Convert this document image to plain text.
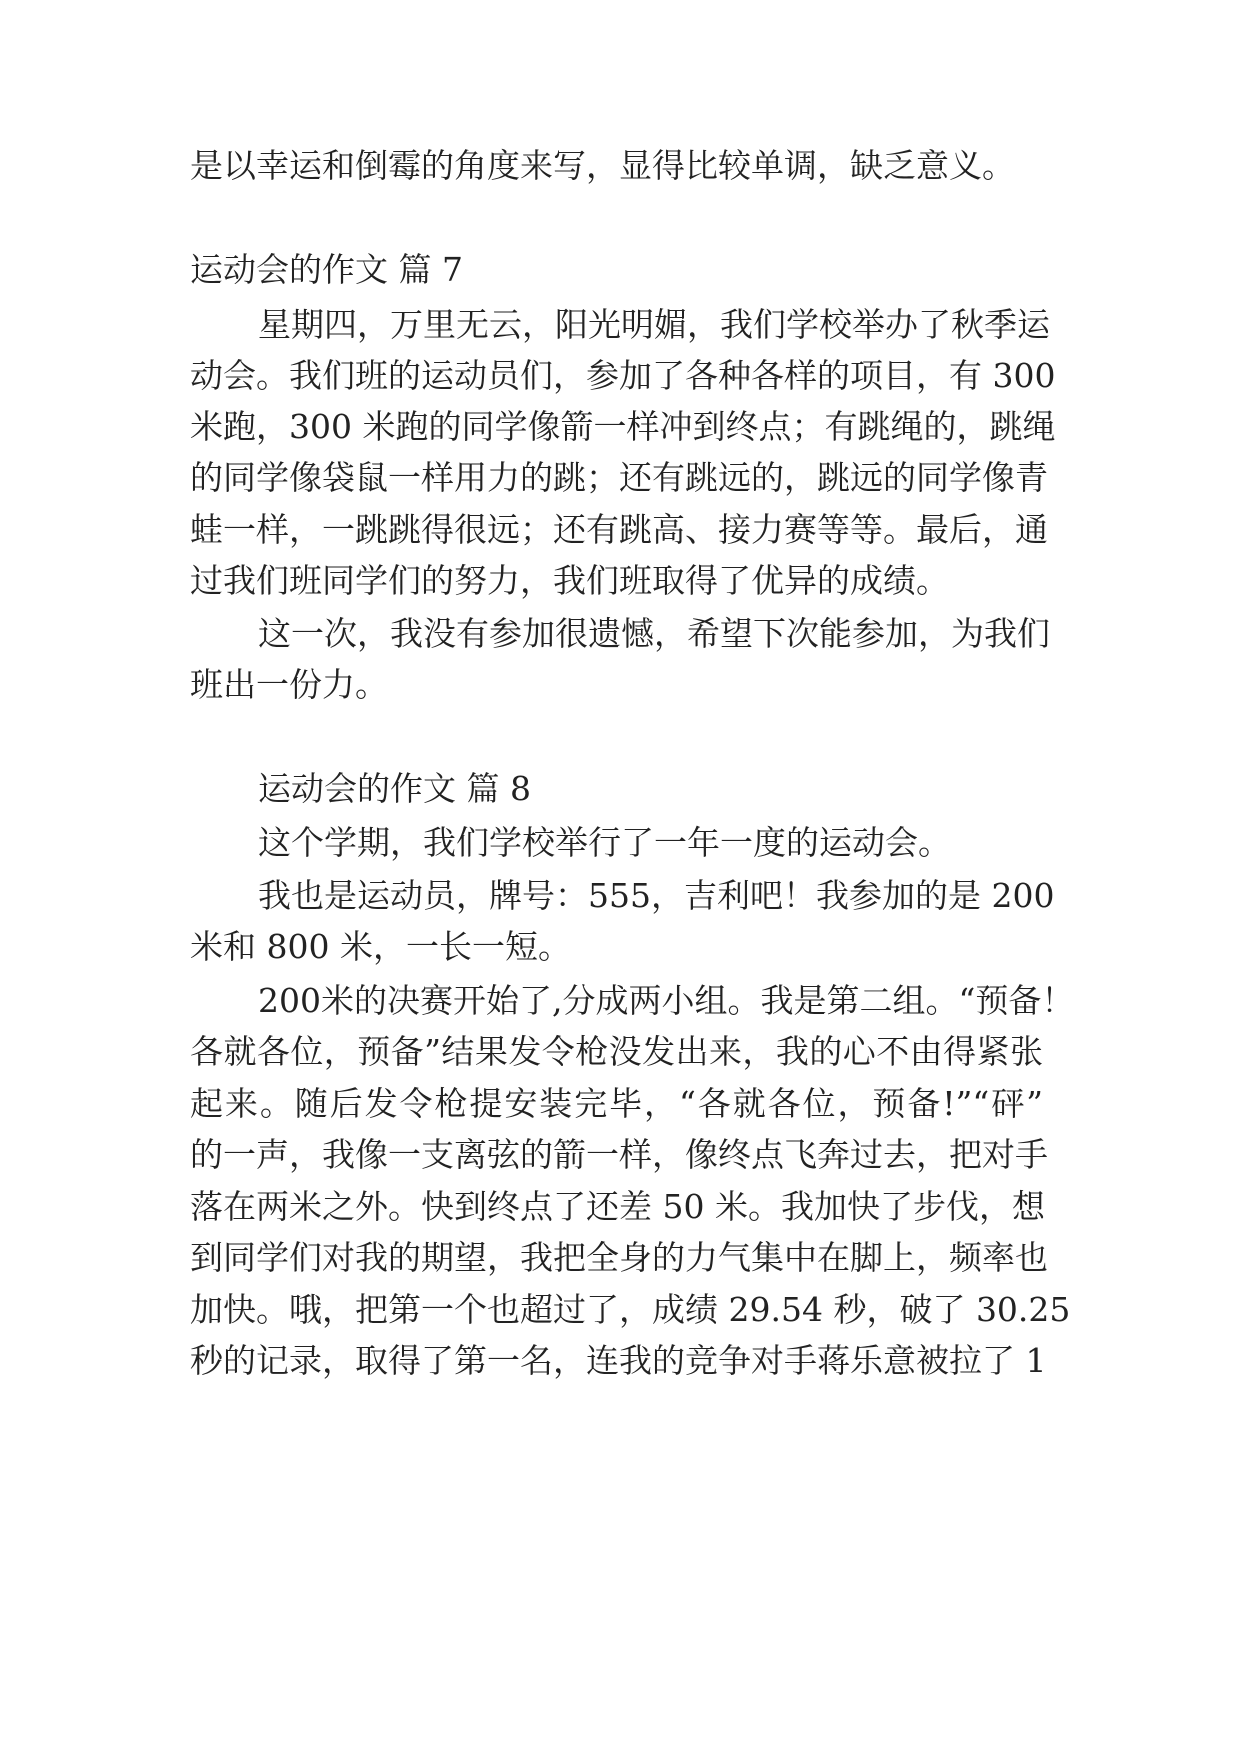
是以幸运和倒霉的角度来写，显得比较单调，缺乏意义。
运动会的作文 篇 7
星期四，万里无云，阳光明媚，我们学校举办了秋季运
动会。我们班的运动员们，参加了各种各样的项目，有 300
米跑，300 米跑的同学像箭一样冲到终点；有跳绳的，跳绳
的同学像袋鼠一样用力的跳；还有跳远的，跳远的同学像青
蛙一样，一跳跳得很远；还有跳高、接力赛等等。最后，通
过我们班同学们的努力，我们班取得了优异的成绩。
这一次，我没有参加很遗憾，希望下次能参加，为我们
班出一份力。
运动会的作文 篇 8
这个学期，我们学校举行了一年一度的运动会。
我也是运动员，牌号：555，吉利吧！我参加的是 200
米和 800 米，一长一短。
200米的决赛开始了,分成两小组。我是第二组。“预备！
各就各位，预备”结果发令枪没发出来，我的心不由得紧张
起来。随后发令枪提安装完毕，“各就各位，预备!”“砰”
的一声，我像一支离弦的箭一样，像终点飞奔过去，把对手
落在两米之外。快到终点了还差 50 米。我加快了步伐，想
到同学们对我的期望，我把全身的力气集中在脚上，频率也
加快。哦，把第一个也超过了，成绩 29.54 秒，破了 30.25
秒的记录，取得了第一名，连我的竞争对手蒋乐意被拉了 1
